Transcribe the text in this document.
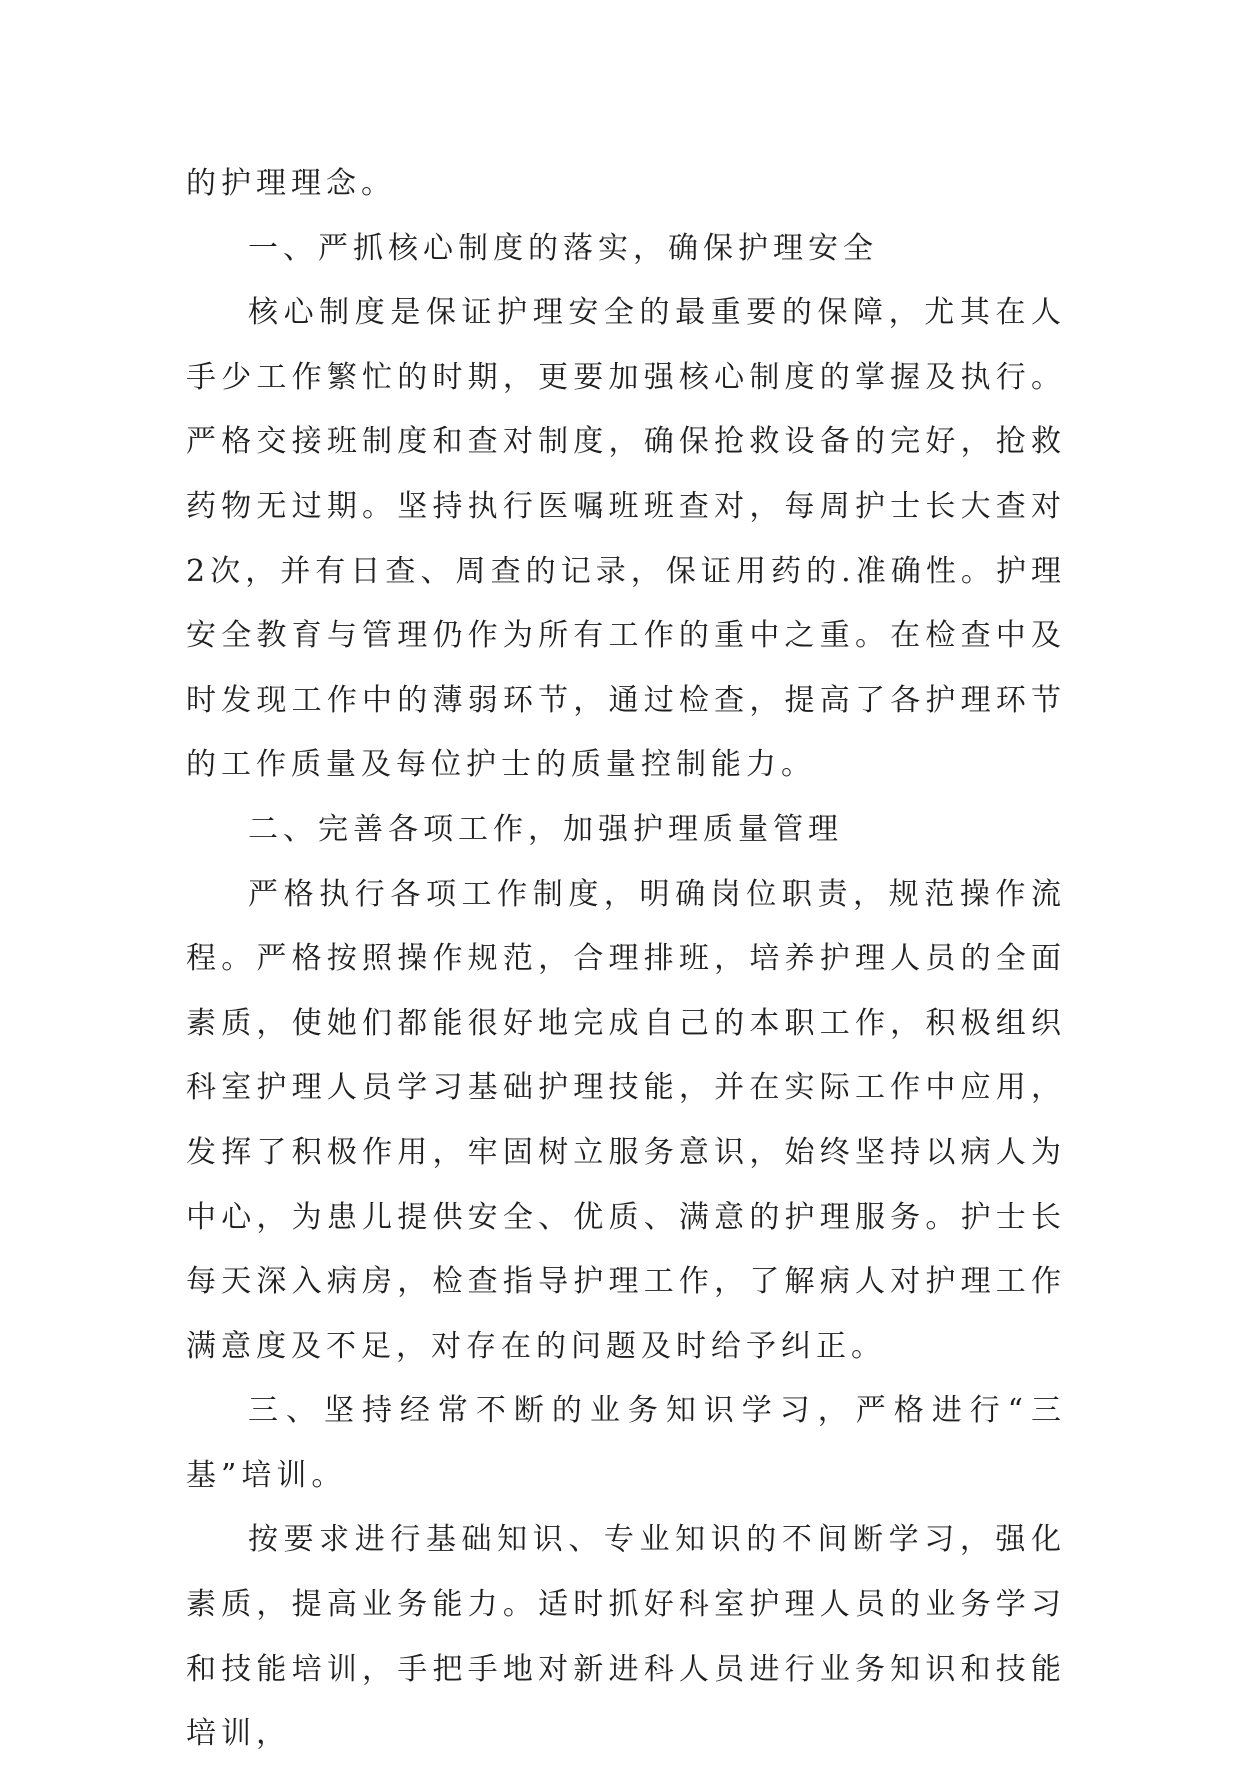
的护理理念。

一、严抓核心制度的落实，确保护理安全

核心制度是保证护理安全的最重要的保障，尤其在人手少工作繁忙的时期，更要加强核心制度的掌握及执行。严格交接班制度和查对制度，确保抢救设备的完好，抢救药物无过期。坚持执行医嘱班班查对，每周护士长大查对2次，并有日查、周查的记录，保证用药的.准确性。护理安全教育与管理仍作为所有工作的重中之重。在检查中及时发现工作中的薄弱环节，通过检查，提高了各护理环节的工作质量及每位护士的质量控制能力。

二、完善各项工作，加强护理质量管理

严格执行各项工作制度，明确岗位职责，规范操作流程。严格按照操作规范，合理排班，培养护理人员的全面素质，使她们都能很好地完成自己的本职工作，积极组织科室护理人员学习基础护理技能，并在实际工作中应用，发挥了积极作用，牢固树立服务意识，始终坚持以病人为中心，为患儿提供安全、优质、满意的护理服务。护士长每天深入病房，检查指导护理工作，了解病人对护理工作满意度及不足，对存在的问题及时给予纠正。

三、坚持经常不断的业务知识学习，严格进行“三基”培训。

按要求进行基础知识、专业知识的不间断学习，强化素质，提高业务能力。适时抓好科室护理人员的业务学习和技能培训，手把手地对新进科人员进行业务知识和技能培训，
